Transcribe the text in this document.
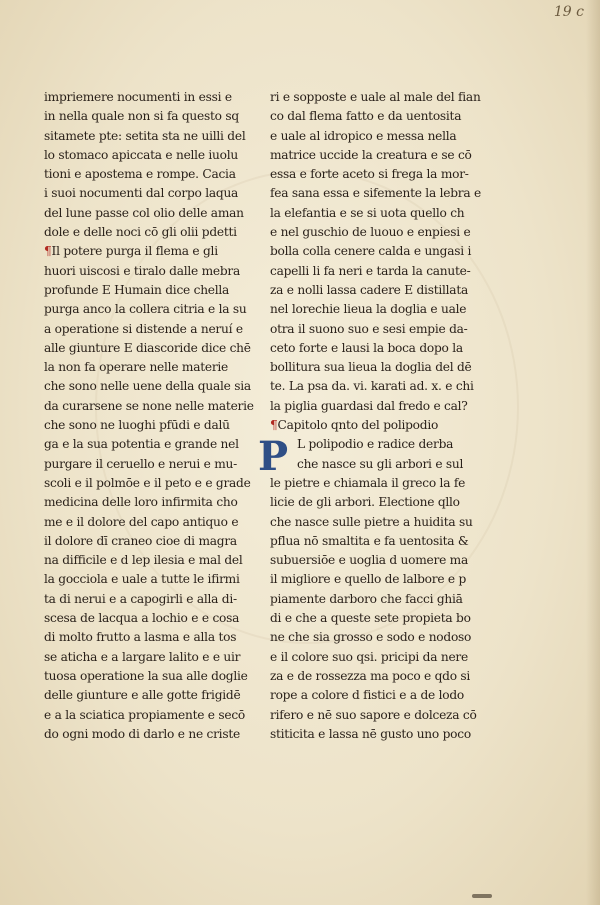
19 c
impriemere nocumenti in essi e
in nella quale non si fa questo sq
sitamete pte: setita sta ne uilli del
lo stomaco apiccata e nelle iuolu
tioni e apostema e rompe. Cacia
i suoi nocumenti dal corpo laqua
del lune passe col olio delle aman
dole e delle noci cō gli olii pdetti
¶Il potere purga il flema e gli
huori uiscosi e tiralo dalle mebra
profunde E Humain dice chella
purga anco la collera citria e la su
a operatione si distende a neruí e
alle giunture E diascoride dice chē
la non fa operare nelle materie
che sono nelle uene della quale sia
da curarsene se none nelle materie
che sono ne luoghi pfūdi e dalū
ga e la sua potentia e grande nel
purgare il ceruello e nerui e mu-
scoli e il polmōe e il peto e e grade
medicina delle loro infirmita cho
me e il dolore del capo antiquo e
il dolore dī craneo cioe di magra
na difficile e d lep ilesia e mal del
la gocciola e uale a tutte le ifirmi
ta di nerui e a capogirli e alla di-
scesa de lacqua a lochio e e cosa
di molto frutto a lasma e alla tos
se aticha e a largare lalito e e uir
tuosa operatione la sua alle doglie
delle giunture e alle gotte frigidē
e a la sciatica propiamente e secō
do ogni modo di darlo e ne criste
ri e sopposte e uale al male del fian
co dal flema fatto e da uentosita
e uale al idropico e messa nella
matrice uccide la creatura e se cō
essa e forte aceto si frega la mor-
fea sana essa e sifemente la lebra e
la elefantia e se si uota quello ch
e nel guschio de luouo e enpiesi e
bolla colla cenere calda e ungasi i
capelli li fa neri e tarda la canute-
za e nolli lassa cadere E distillata
nel lorechie lieua la doglia e uale
otra il suono suo e sesi empie da-
ceto forte e lausi la boca dopo la
bollitura sua lieua la doglia del dē
te. La psa da. vi. karati ad. x. e chi
la piglia guardasi dal fredo e cal?
¶Capitolo qnto del polipodio
P L polipodio e radice derba
che nasce su gli arbori e sul
le pietre e chiamala il greco la fe
licie de gli arbori. Electione qllo
che nasce sulle pietre a huidita su
pflua nō smaltita e fa uentosita &
subuersiōe e uoglia d uomere ma
il migliore e quello de lalbore e p
piamente darboro che facci ghiā
di e che a queste sete propieta bo
ne che sia grosso e sodo e nodoso
e il colore suo qsi. pricipi da nere
za e de rossezza ma poco e qdo si
rope a colore d fistici e a de lodo
rifero e nē suo sapore e dolceza cō
stiticita e lassa nē gusto uno poco
